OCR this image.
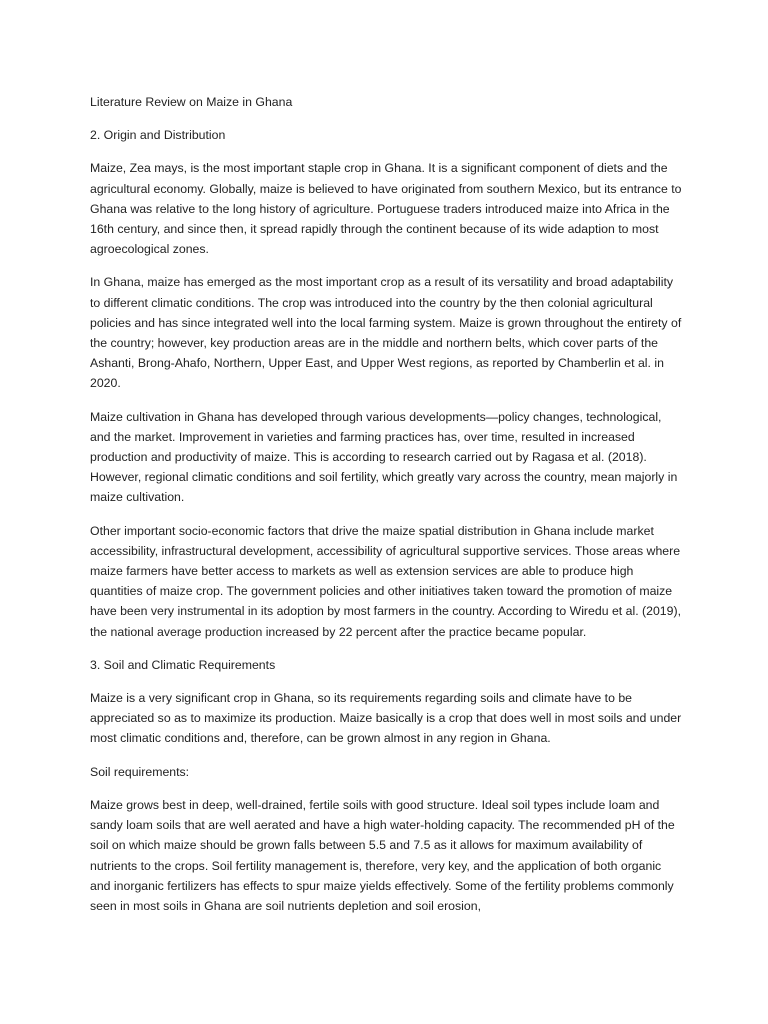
Literature Review on Maize in Ghana

2. Origin and Distribution

Maize, Zea mays, is the most important staple crop in Ghana. It is a significant component of diets and the agricultural economy. Globally, maize is believed to have originated from southern Mexico, but its entrance to Ghana was relative to the long history of agriculture. Portuguese traders introduced maize into Africa in the 16th century, and since then, it spread rapidly through the continent because of its wide adaption to most agroecological zones.

In Ghana, maize has emerged as the most important crop as a result of its versatility and broad adaptability to different climatic conditions. The crop was introduced into the country by the then colonial agricultural policies and has since integrated well into the local farming system. Maize is grown throughout the entirety of the country; however, key production areas are in the middle and northern belts, which cover parts of the Ashanti, Brong-Ahafo, Northern, Upper East, and Upper West regions, as reported by Chamberlin et al. in 2020.

Maize cultivation in Ghana has developed through various developments—policy changes, technological, and the market. Improvement in varieties and farming practices has, over time, resulted in increased production and productivity of maize. This is according to research carried out by Ragasa et al. (2018). However, regional climatic conditions and soil fertility, which greatly vary across the country, mean majorly in maize cultivation.

Other important socio-economic factors that drive the maize spatial distribution in Ghana include market accessibility, infrastructural development, accessibility of agricultural supportive services. Those areas where maize farmers have better access to markets as well as extension services are able to produce high quantities of maize crop. The government policies and other initiatives taken toward the promotion of maize have been very instrumental in its adoption by most farmers in the country. According to Wiredu et al. (2019), the national average production increased by 22 percent after the practice became popular.

3. Soil and Climatic Requirements

Maize is a very significant crop in Ghana, so its requirements regarding soils and climate have to be appreciated so as to maximize its production. Maize basically is a crop that does well in most soils and under most climatic conditions and, therefore, can be grown almost in any region in Ghana.

Soil requirements:

Maize grows best in deep, well-drained, fertile soils with good structure. Ideal soil types include loam and sandy loam soils that are well aerated and have a high water-holding capacity. The recommended pH of the soil on which maize should be grown falls between 5.5 and 7.5 as it allows for maximum availability of nutrients to the crops. Soil fertility management is, therefore, very key, and the application of both organic and inorganic fertilizers has effects to spur maize yields effectively. Some of the fertility problems commonly seen in most soils in Ghana are soil nutrients depletion and soil erosion,
